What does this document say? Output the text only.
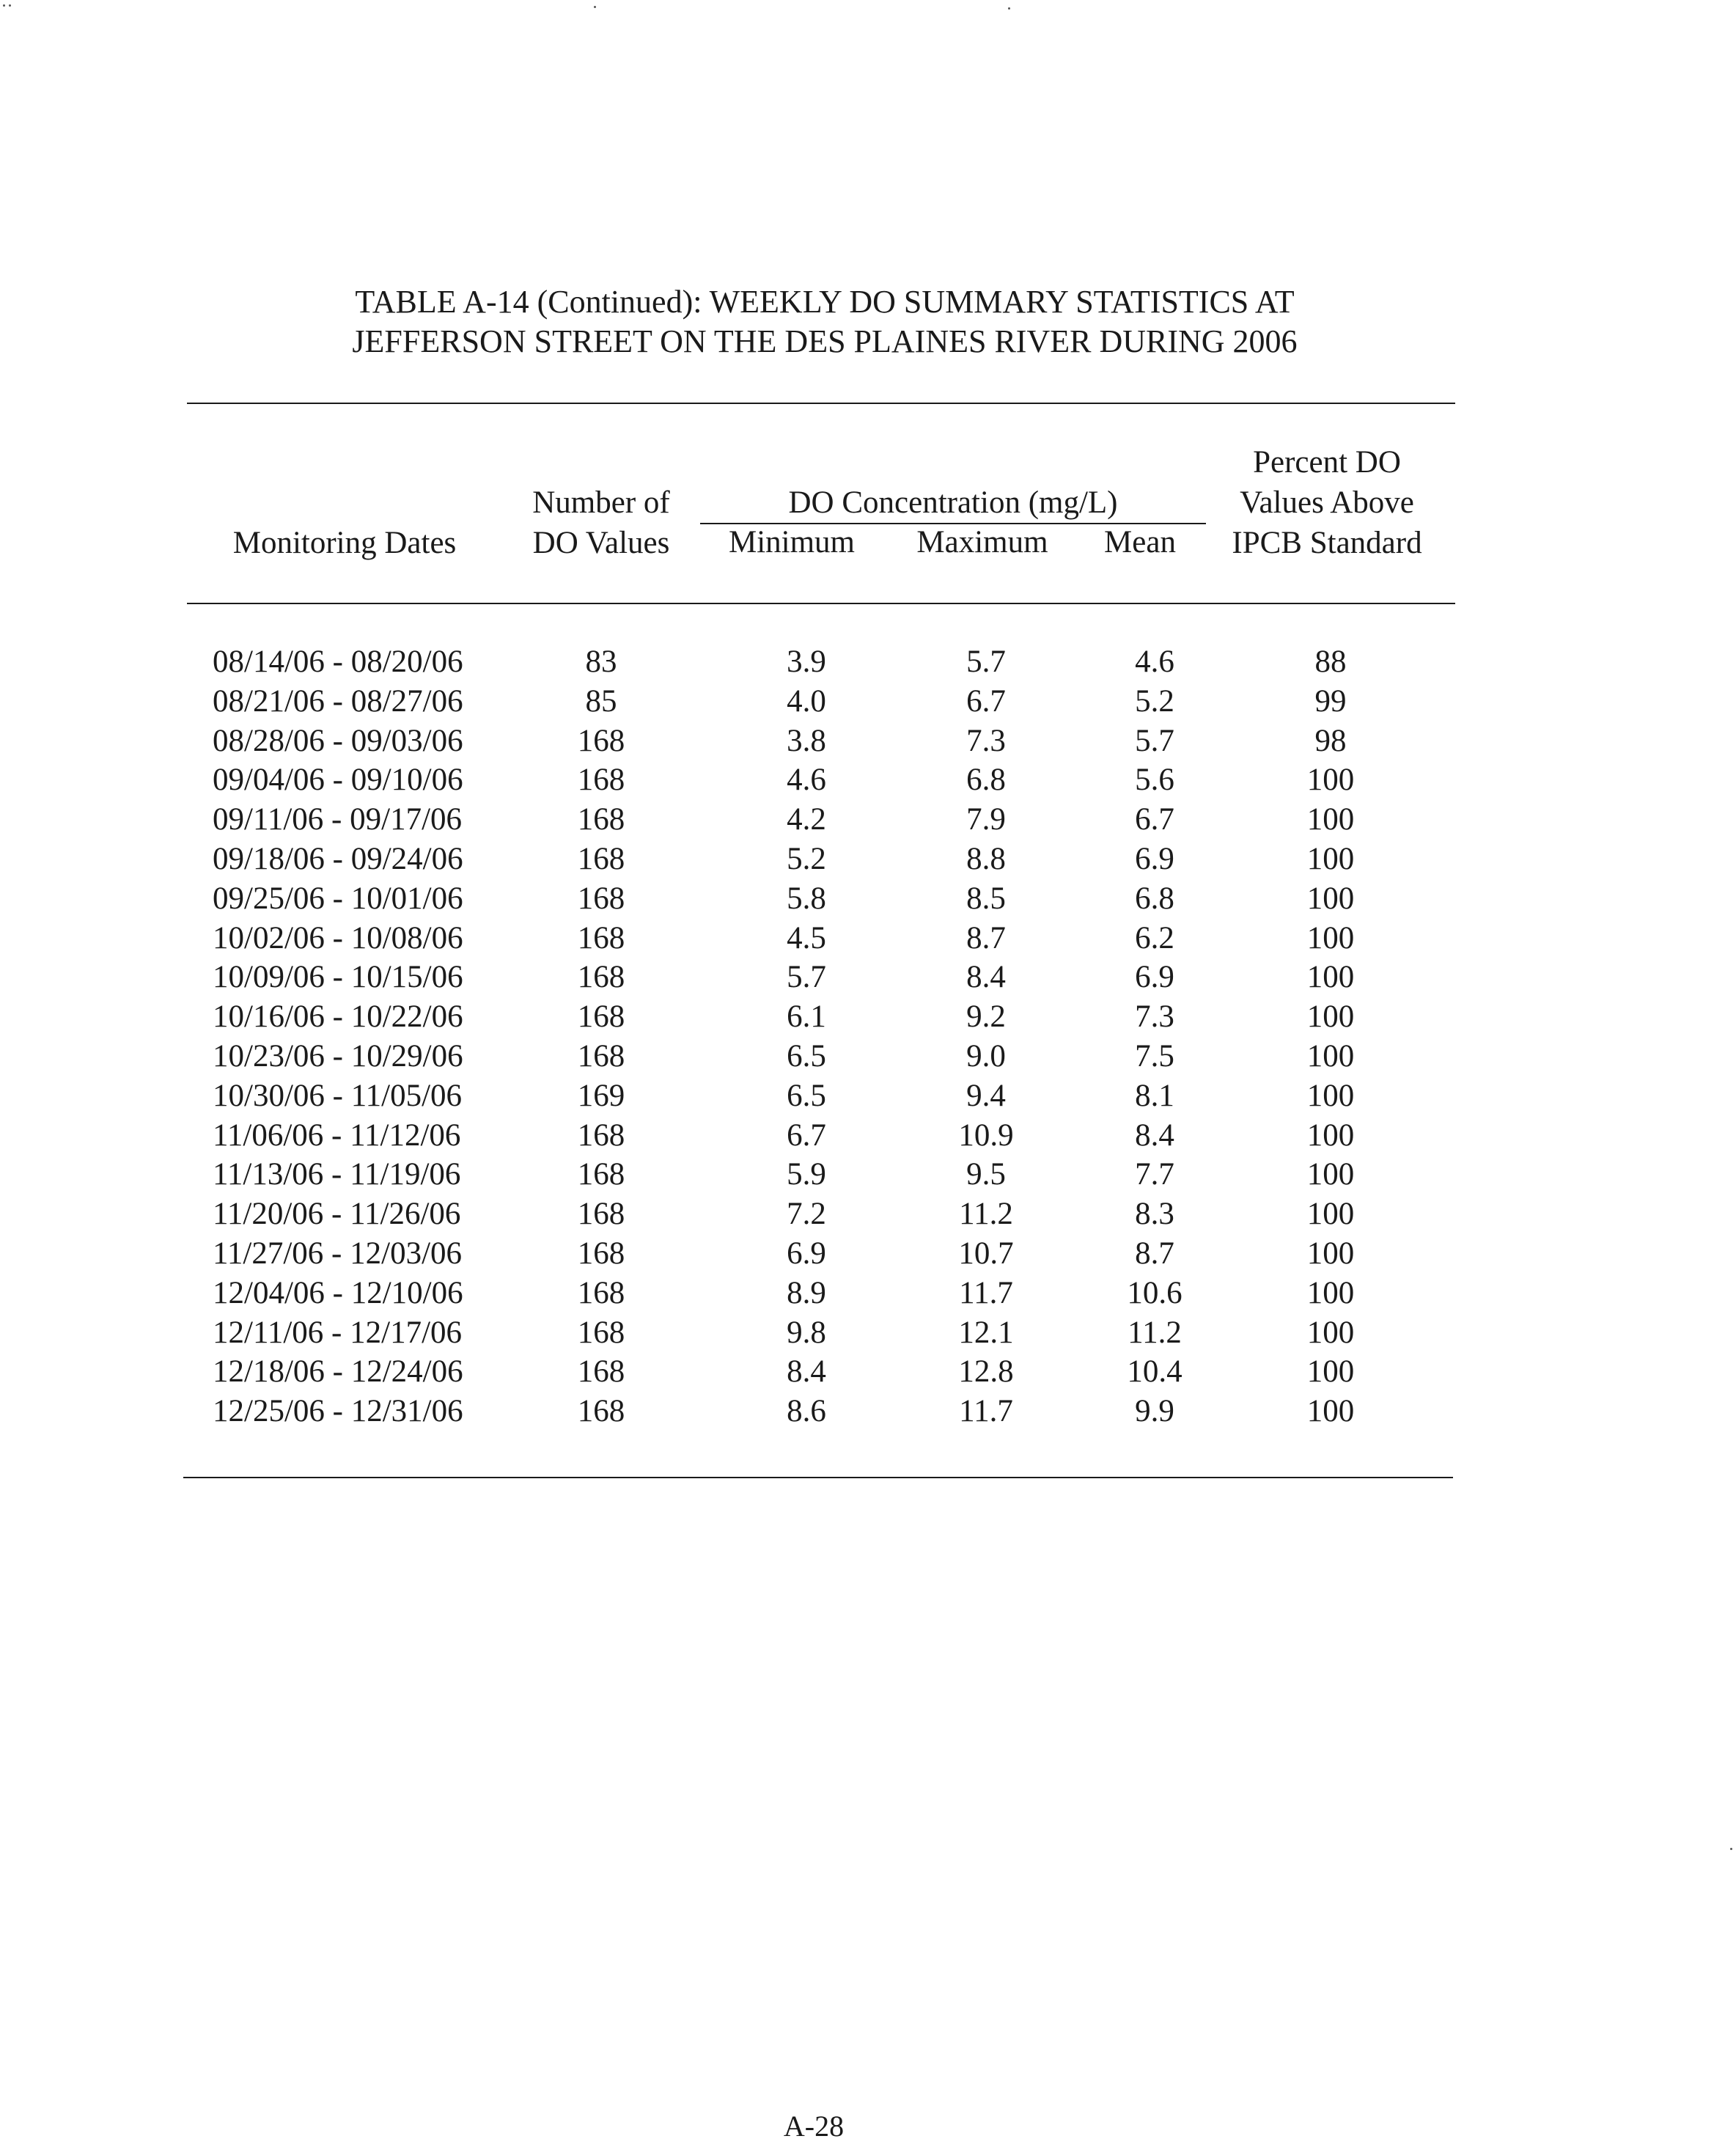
TABLE A-14 (Continued): WEEKLY DO SUMMARY STATISTICS AT
JEFFERSON STREET ON THE DES PLAINES RIVER DURING 2006
Monitoring Dates
Number of
DO Values
DO Concentration (mg/L)
Minimum	Maximum	Mean
Percent DO
Values Above
IPCB Standard
08/14/06 - 08/20/06	83	3.9	5.7	4.6	88
08/21/06 - 08/27/06	85	4.0	6.7	5.2	99
08/28/06 - 09/03/06	168	3.8	7.3	5.7	98
09/04/06 - 09/10/06	168	4.6	6.8	5.6	100
09/11/06 - 09/17/06	168	4.2	7.9	6.7	100
09/18/06 - 09/24/06	168	5.2	8.8	6.9	100
09/25/06 - 10/01/06	168	5.8	8.5	6.8	100
10/02/06 - 10/08/06	168	4.5	8.7	6.2	100
10/09/06 - 10/15/06	168	5.7	8.4	6.9	100
10/16/06 - 10/22/06	168	6.1	9.2	7.3	100
10/23/06 - 10/29/06	168	6.5	9.0	7.5	100
10/30/06 - 11/05/06	169	6.5	9.4	8.1	100
11/06/06 - 11/12/06	168	6.7	10.9	8.4	100
11/13/06 - 11/19/06	168	5.9	9.5	7.7	100
11/20/06 - 11/26/06	168	7.2	11.2	8.3	100
11/27/06 - 12/03/06	168	6.9	10.7	8.7	100
12/04/06 - 12/10/06	168	8.9	11.7	10.6	100
12/11/06 - 12/17/06	168	9.8	12.1	11.2	100
12/18/06 - 12/24/06	168	8.4	12.8	10.4	100
12/25/06 - 12/31/06	168	8.6	11.7	9.9	100
A-28
